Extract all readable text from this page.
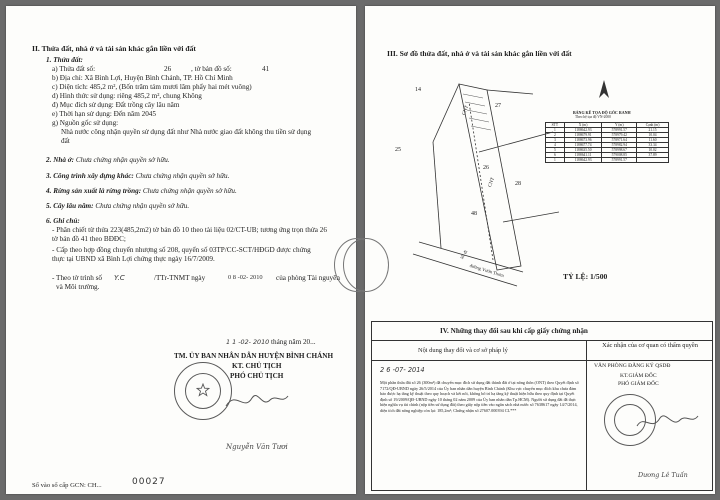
II. Thửa đất, nhà ở và tài sản khác gắn liền với đất
1. Thửa đất:
a) Thửa đất số:	26	, tờ bản đồ số:	41
b) Địa chỉ: Xã Bình Lợi, Huyện Bình Chánh, TP. Hồ Chí Minh
c) Diện tích: 485,2 m², (Bốn trăm tám mươi lăm phẩy hai mét vuông)
d) Hình thức sử dụng: riêng 485,2 m², chung Không
đ) Mục đích sử dụng: Đất trồng cây lâu năm
e) Thời hạn sử dụng: Đến năm 2045
g) Nguồn gốc sử dụng:
Nhà nước công nhận quyền sử dụng đất như Nhà nước giao đất không thu tiền sử dụng đất
2. Nhà ở: Chưa chứng nhận quyền sở hữu.
3. Công trình xây dựng khác: Chưa chứng nhận quyền sở hữu.
4. Rừng sản xuất là rừng trồng: Chưa chứng nhận quyền sở hữu.
5. Cây lâu năm: Chưa chứng nhận quyền sở hữu.
6. Ghi chú:
- Phân chiết từ thửa 223(485,2m2) tờ bản đồ 10 theo tài liệu 02/CT-UB; tương ứng trọn thửa 26 tờ bản đồ 41 theo BĐĐC;
- Cấp theo hợp đồng chuyển nhượng số 208, quyển số 03TP/CC-SCT/HĐGD được chứng thực tại UBND xã Bình Lợi chứng thực ngày 16/7/2009.
- Theo tờ trình số Y.C	/TTr-TNMT ngày	0 8 -02- 2010 của phòng Tài nguyên
và Môi trường.
1 1 -02- 2010 tháng năm 20...
TM. ỦY BAN NHÂN DÂN HUYỆN BÌNH CHÁNH
KT. CHỦ TỊCH
PHÓ CHỦ TỊCH
Nguyễn Văn Tươi
Số vào sổ cấp GCN: CH...	00027
III. Sơ đồ thửa đất, nhà ở và tài sản khác gắn liền với đất
14
27
25
26
28
48
CNT
CNT
lối đi
đường Vườn Thơm
BẢNG KÊ TỌA ĐỘ GÓC RANH
Theo hệ tọa độ VN-2000
STT	X (m)	Y (m)	Cạnh (m)
1	1188642.93	578991.57	21.15
2	1188679.91	578979.42	10.04
3	1188673.96	578971.64	11.60
4	1188677.74	578982.94	33.34
5	1188635.50	578998.67	10.02
6	1188641.11	579008.85	37.89
1	1188642.93	578991.57	
TỶ LỆ: 1/500
IV. Những thay đổi sau khi cấp giấy chứng nhận
Nội dung thay đổi và cơ sở pháp lý
Xác nhận của cơ quan có thẩm quyền
2 6 -07- 2014
Một phần thửa đất số 26 (300m²) đã chuyển mục đích sử dụng đất thành đất ở tại nông thôn (ONT) theo Quyết định số 7172/QĐ-UBND ngày 26/5/2014 của Ủy ban nhân dân huyện Bình Chánh (Khu vực chuyển mục đích khu chưa đảm bảo được hạ tầng kỹ thuật theo quy hoạch và kết nối, không bố trí hạ tầng kỹ thuật hiện hữu theo quy định tại Quyết định số 19/2009/QĐ-UBND ngày 10 tháng 02 năm 2009 của Ủy ban nhân dân Tp.HCM). Người sử dụng đất đã thực hiện nghĩa vụ tài chính (nộp tiền sử dụng đất) theo giấy nộp tiền vào ngân sách nhà nước số 7638617 ngày 14/7/2014, diện tích đất nông nghiệp còn lại: 185,2m²; Chứng nhận số 27607.000394 CL***
VĂN PHÒNG ĐĂNG KÝ QSDĐ
KT.GIÁM ĐỐC
PHÓ GIÁM ĐỐC
Dương Lê Tuấn
